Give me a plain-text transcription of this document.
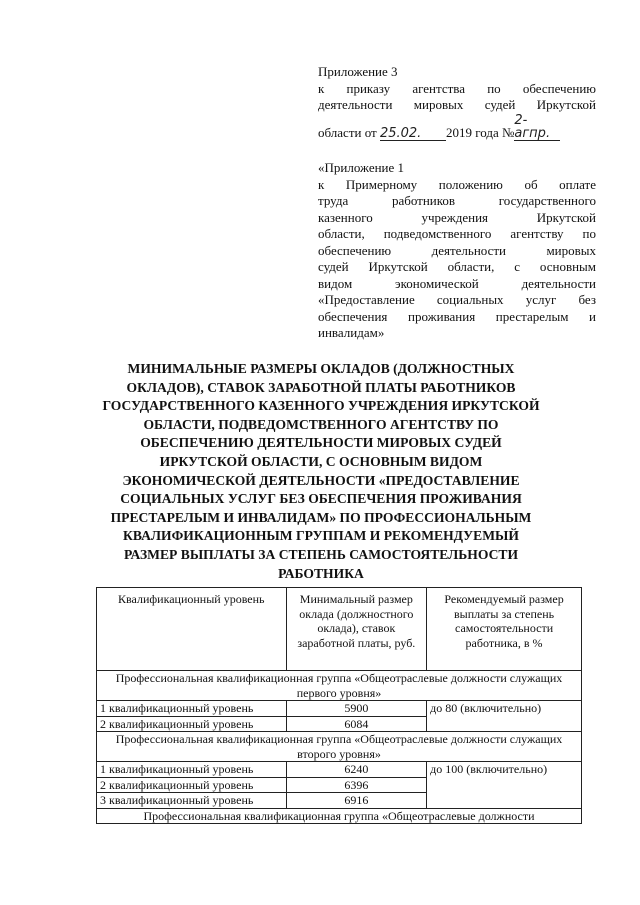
Приложение 3
к приказу агентства по обеспечению
деятельности мировых судей Иркутской
области от 25.02. 2019 года №2-агпр.
«Приложение 1
к Примерному положению об оплате
труда работников государственного
казенного учреждения Иркутской
области, подведомственного агентству по
обеспечению деятельности мировых
судей Иркутской области, с основным
видом экономической деятельности
«Предоставление социальных услуг без
обеспечения проживания престарелым и
инвалидам»
МИНИМАЛЬНЫЕ РАЗМЕРЫ ОКЛАДОВ (ДОЛЖНОСТНЫХ
ОКЛАДОВ), СТАВОК ЗАРАБОТНОЙ ПЛАТЫ РАБОТНИКОВ
ГОСУДАРСТВЕННОГО КАЗЕННОГО УЧРЕЖДЕНИЯ ИРКУТСКОЙ
ОБЛАСТИ, ПОДВЕДОМСТВЕННОГО АГЕНТСТВУ ПО
ОБЕСПЕЧЕНИЮ ДЕЯТЕЛЬНОСТИ МИРОВЫХ СУДЕЙ
ИРКУТСКОЙ ОБЛАСТИ, С ОСНОВНЫМ ВИДОМ
ЭКОНОМИЧЕСКОЙ ДЕЯТЕЛЬНОСТИ «ПРЕДОСТАВЛЕНИЕ
СОЦИАЛЬНЫХ УСЛУГ БЕЗ ОБЕСПЕЧЕНИЯ ПРОЖИВАНИЯ
ПРЕСТАРЕЛЫМ И ИНВАЛИДАМ» ПО ПРОФЕССИОНАЛЬНЫМ
КВАЛИФИКАЦИОННЫМ ГРУППАМ И РЕКОМЕНДУЕМЫЙ
РАЗМЕР ВЫПЛАТЫ ЗА СТЕПЕНЬ САМОСТОЯТЕЛЬНОСТИ
РАБОТНИКА
Квалификационный уровень	Минимальный размер оклада (должностного оклада), ставок заработной платы, руб.	Рекомендуемый размер выплаты за степень самостоятельности работника, в %
Профессиональная квалификационная группа «Общеотраслевые должности служащих первого уровня»		
1 квалификационный уровень	5900	до 80 (включительно)
2 квалификационный уровень	6084	
Профессиональная квалификационная группа «Общеотраслевые должности служащих второго уровня»		
1 квалификационный уровень	6240	до 100 (включительно)
2 квалификационный уровень	6396	
3 квалификационный уровень	6916	
Профессиональная квалификационная группа «Общеотраслевые должности		
